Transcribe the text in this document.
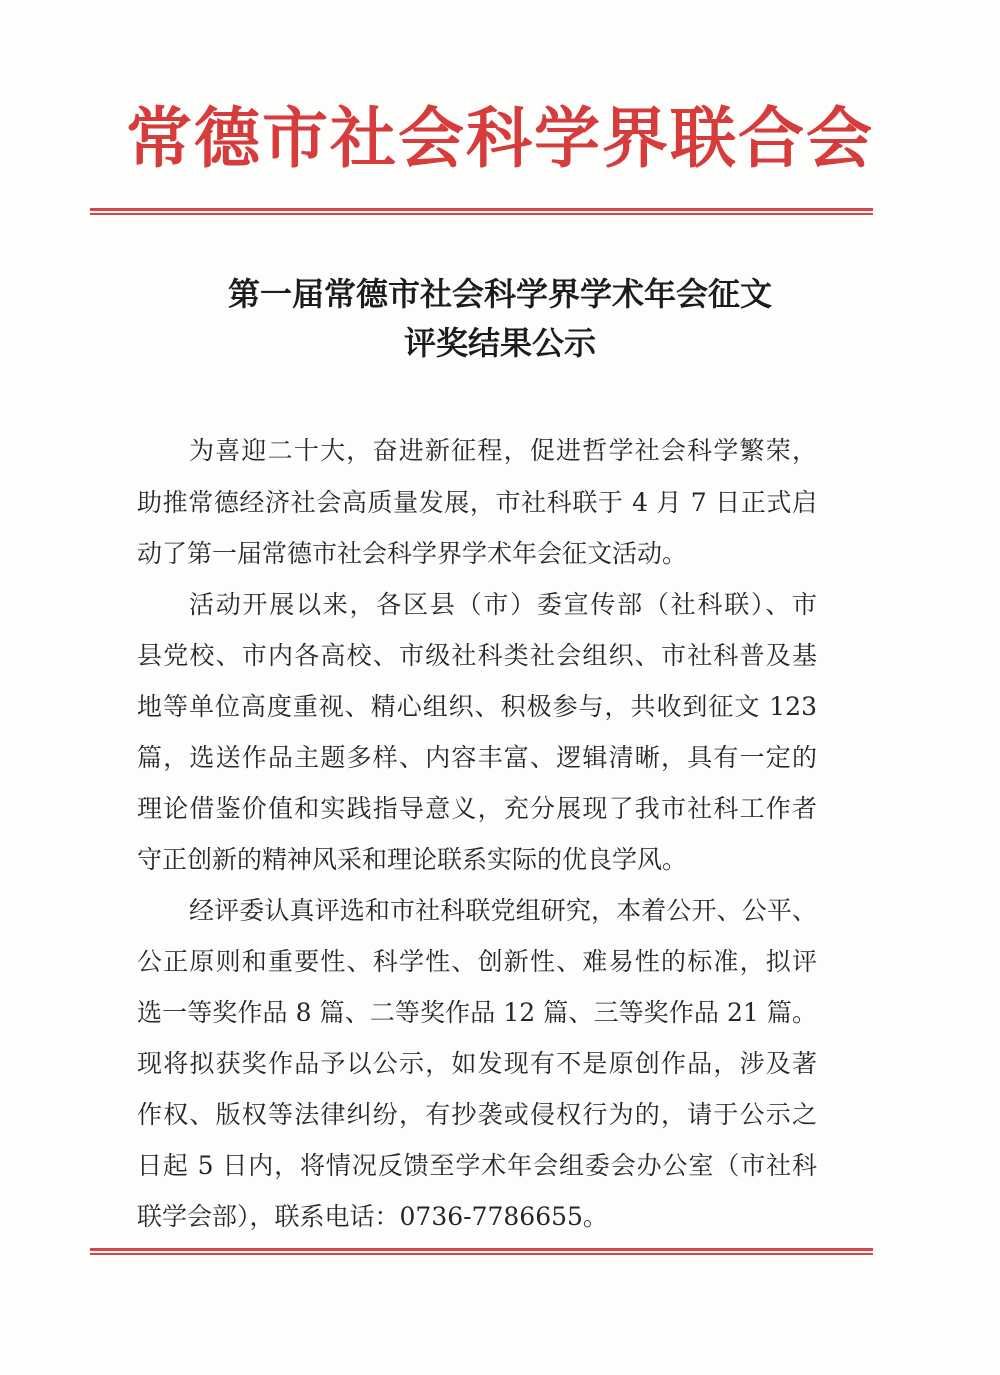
常德市社会科学界联合会
第一届常德市社会科学界学术年会征文
评奖结果公示
为喜迎二十大，奋进新征程，促进哲学社会科学繁荣，
助推常德经济社会高质量发展，市社科联于 4 月 7 日正式启
动了第一届常德市社会科学界学术年会征文活动。
活动开展以来，各区县（市）委宣传部（社科联）、市
县党校、市内各高校、市级社科类社会组织、市社科普及基
地等单位高度重视、精心组织、积极参与，共收到征文 123
篇，选送作品主题多样、内容丰富、逻辑清晰，具有一定的
理论借鉴价值和实践指导意义，充分展现了我市社科工作者
守正创新的精神风采和理论联系实际的优良学风。
经评委认真评选和市社科联党组研究，本着公开、公平、
公正原则和重要性、科学性、创新性、难易性的标准，拟评
选一等奖作品 8 篇、二等奖作品 12 篇、三等奖作品 21 篇。
现将拟获奖作品予以公示，如发现有不是原创作品，涉及著
作权、版权等法律纠纷，有抄袭或侵权行为的，请于公示之
日起 5 日内，将情况反馈至学术年会组委会办公室（市社科
联学会部），联系电话：0736-7786655。
